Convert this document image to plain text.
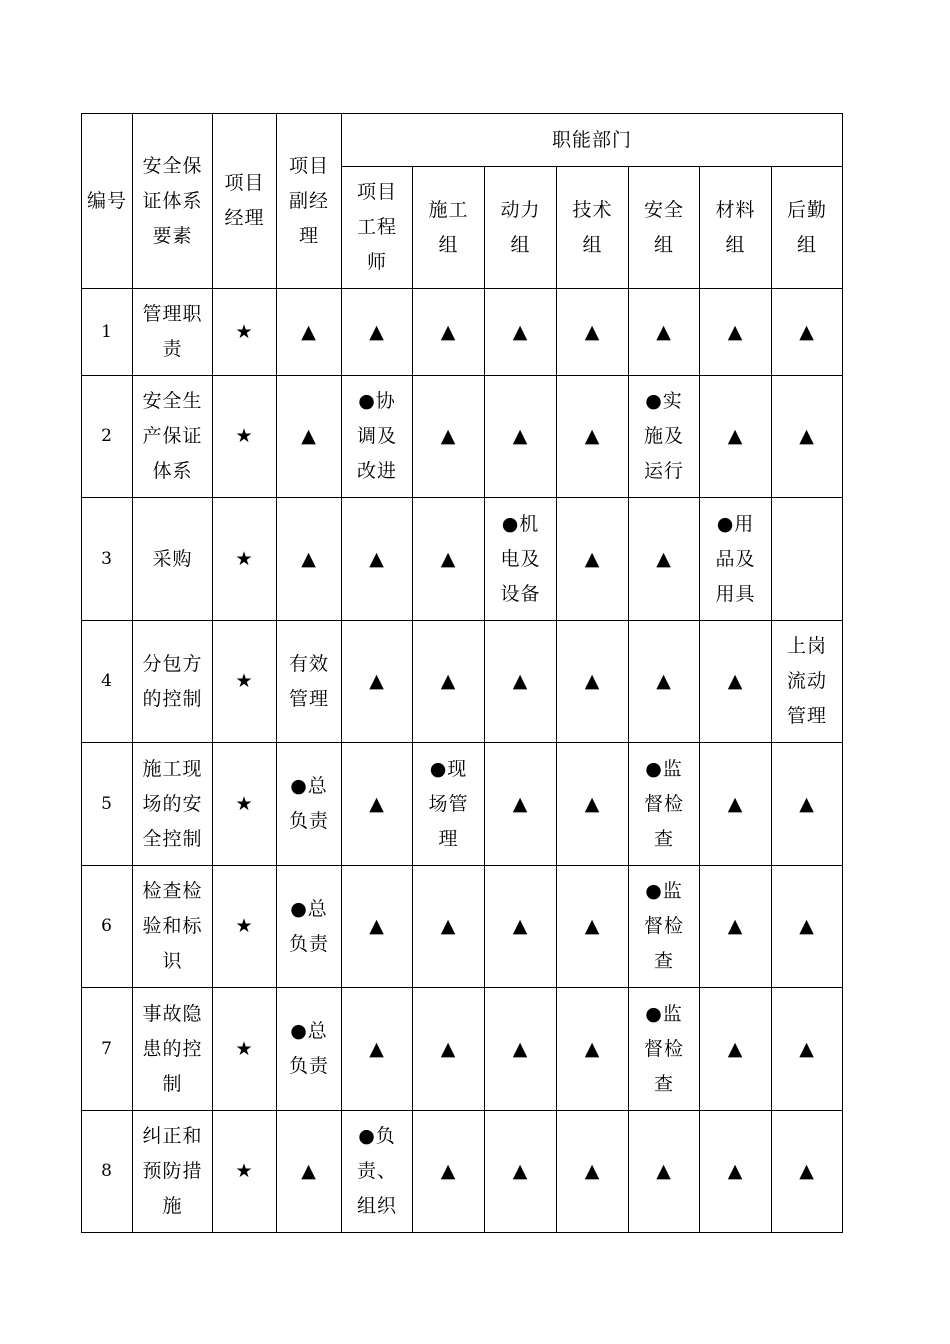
编号	安全保证体系要素	项目经理	项目副经理	职能部门						
				项目工程师	施工组	动力组	技术组	安全组	材料组	后勤组
1	管理职责	★	▲	▲	▲	▲	▲	▲	▲	▲
2	安全生产保证体系	★	▲	●协调及改进	▲	▲	▲	●实施及运行	▲	▲
3	采购	★	▲	▲	▲	●机电及设备	▲	▲	●用品及用具	
4	分包方的控制	★	有效管理	▲	▲	▲	▲	▲	▲	上岗流动管理
5	施工现场的安全控制	★	●总负责	▲	●现场管理	▲	▲	●监督检查	▲	▲
6	检查检验和标识	★	●总负责	▲	▲	▲	▲	●监督检查	▲	▲
7	事故隐患的控制	★	●总负责	▲	▲	▲	▲	●监督检查	▲	▲
8	纠正和预防措施	★	▲	●负责、组织	▲	▲	▲	▲	▲	▲
